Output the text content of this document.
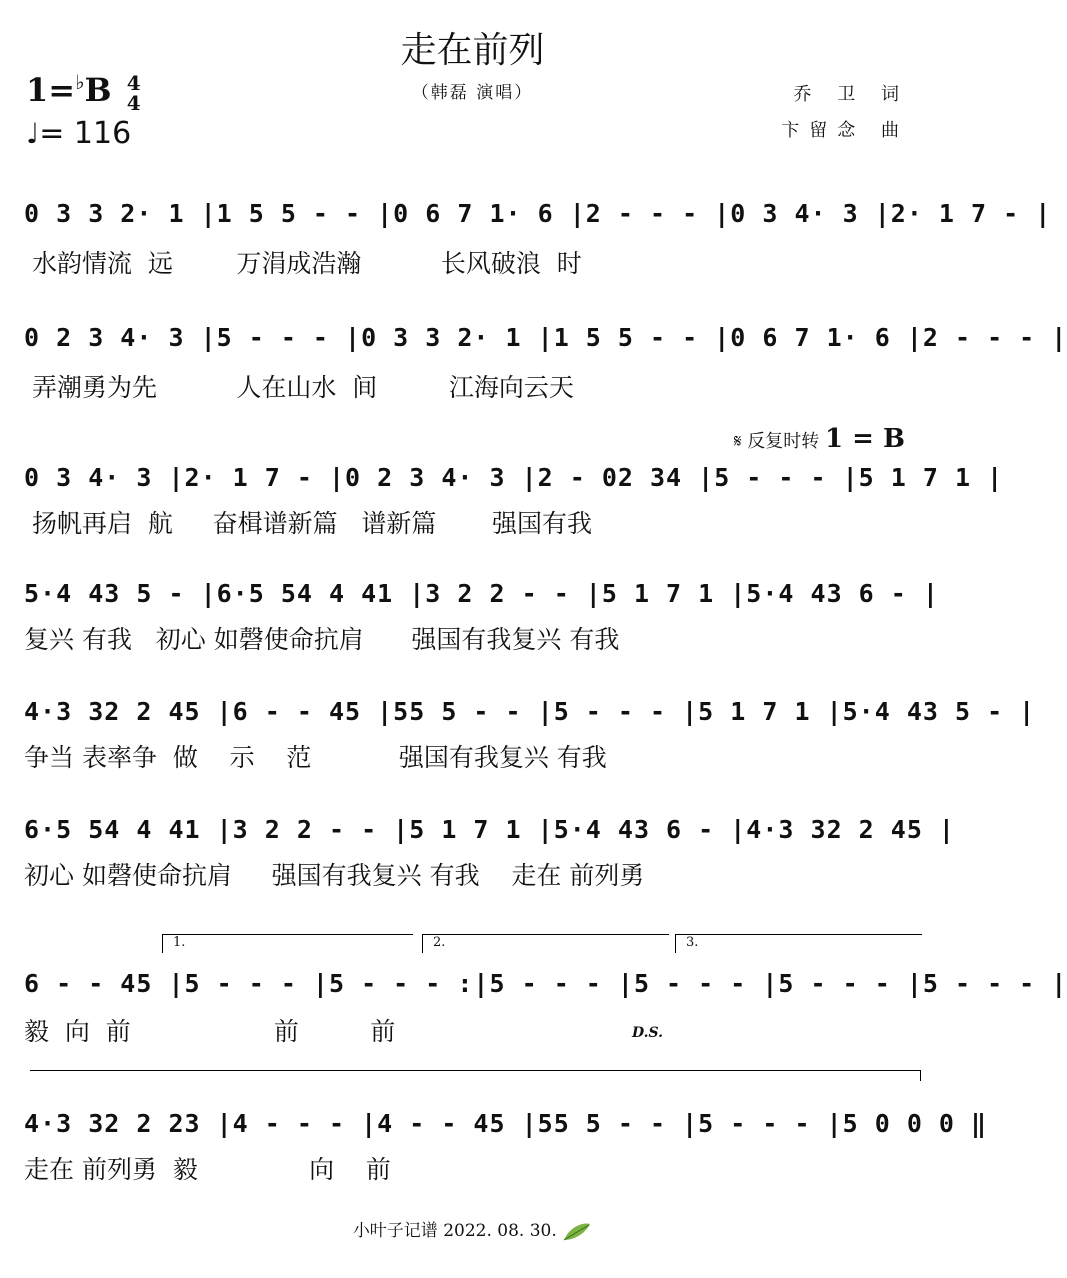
走在前列
（韩磊 演唱）	乔 卫 词
卞留念 曲
1=♭B 4
4
♩= 116
𝄋 反复时转 1 = B
0 3 3 2· 1 |1 5 5 - - |0 6 7 1· 6 |2 - - - |0 3 4· 3 |2· 1 7 - |
水韵情流  远        万涓成浩瀚          长风破浪  时
0 2 3 4· 3 |5 - - - |0 3 3 2· 1 |1 5 5 - - |0 6 7 1· 6 |2 - - - |
弄潮勇为先          人在山水  间         江海向云天
0 3 4· 3 |2· 1 7 - |0 2 3 4· 3 |2 - 02 34 |5 - - - |5 1 7 1 |
扬帆再启  航     奋楫谱新篇   谱新篇       强国有我
5·4 43 5 - |6·5 54 4 41 |3 2 2 - - |5 1 7 1 |5·4 43 6 - |
复兴 有我   初心 如磬使命抗肩      强国有我复兴 有我
4·3 32 2 45 |6 - - 45 |55 5 - - |5 - - - |5 1 7 1 |5·4 43 5 - |
争当 表率争  做    示    范           强国有我复兴 有我
6·5 54 4 41 |3 2 2 - - |5 1 7 1 |5·4 43 6 - |4·3 32 2 45 |
初心 如磬使命抗肩     强国有我复兴 有我    走在 前列勇
1.	2.	3.
6 - - 45 |5 - - - |5 - - - :|5 - - - |5 - - - |5 - - - |5 - - - |
毅  向  前                  前         前	D.S.
4·3 32 2 23 |4 - - - |4 - - 45 |55 5 - - |5 - - - |5 0 0 0 ‖
走在 前列勇  毅              向    前
小叶子记谱 2022. 08. 30.
